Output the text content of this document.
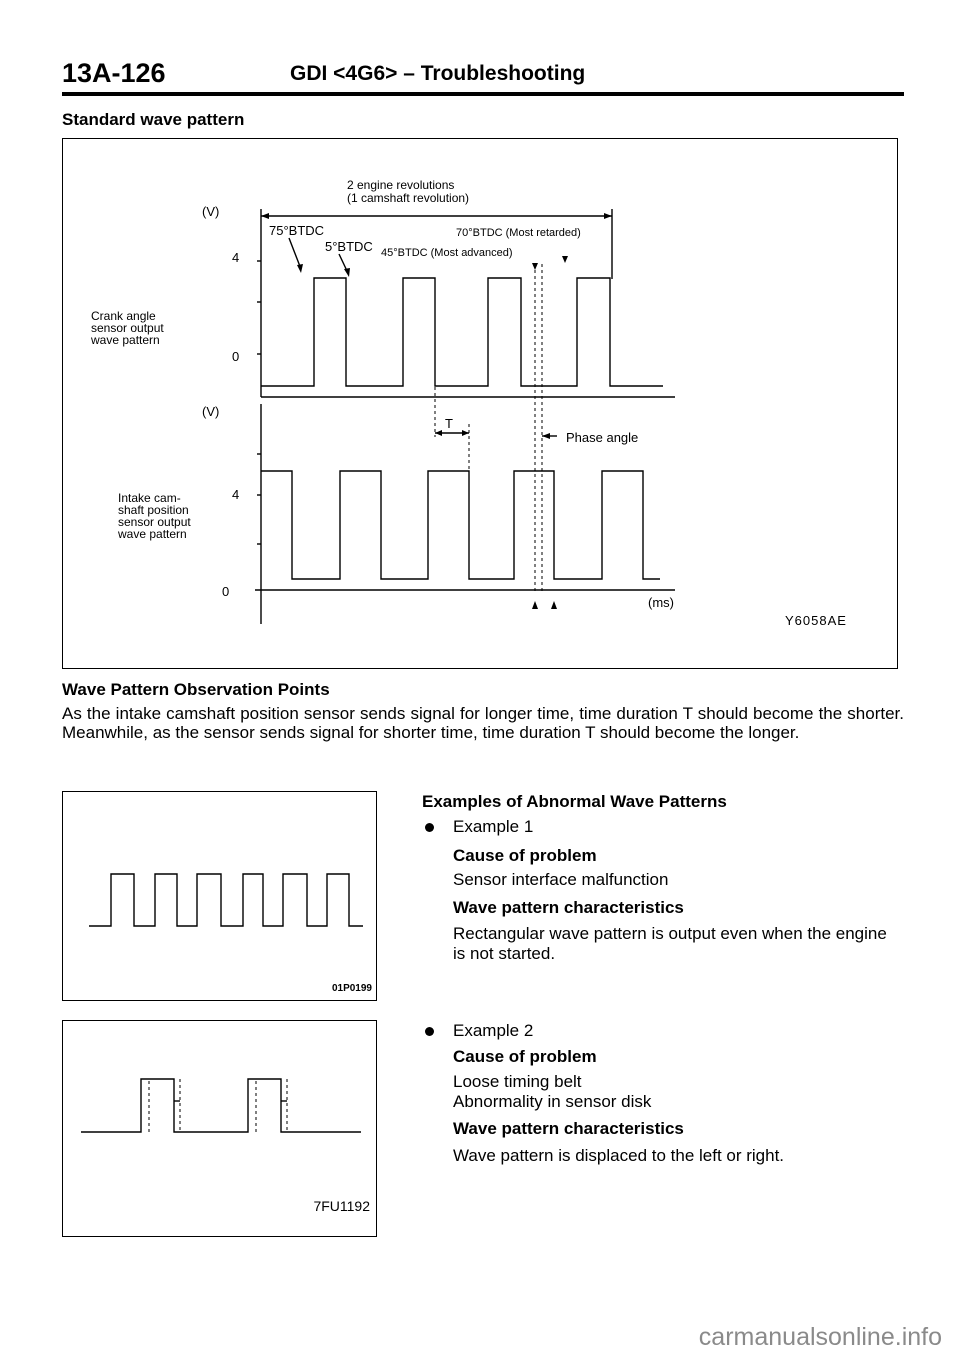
13A-126	GDI <4G6> – Troubleshooting
Standard wave pattern
2 engine revolutions
(1 camshaft revolution)
(V)
4
0
(V)
4
0
Crank angle
sensor output
wave pattern
Intake cam-
shaft position
sensor output
wave pattern
75°BTDC	70°BTDC (Most retarded)
5°BTDC 45°BTDC (Most advanced)
T
Phase angle
(ms)
Y6058AE
Wave Pattern Observation Points
As the intake camshaft position sensor sends signal for longer time, time duration T should become the shorter. Meanwhile, as the sensor sends signal for shorter time, time duration T should become the longer.
01P0199
7FU1192
Examples of Abnormal Wave Patterns
Example 1
Cause of problem
Sensor interface malfunction
Wave pattern characteristics
Rectangular wave pattern is output even when the engine is not started.
Example 2
Cause of problem
Loose timing belt
Abnormality in sensor disk
Wave pattern characteristics
Wave pattern is displaced to the left or right.
carmanualsonline.info
